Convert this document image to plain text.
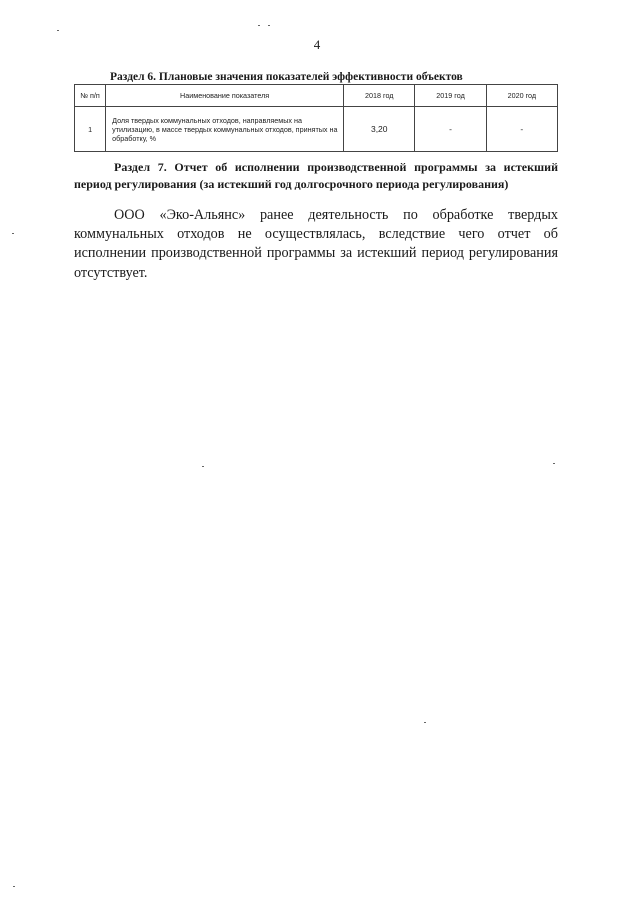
4
Раздел 6. Плановые значения показателей эффективности объектов
№ п/п	Наименование показателя	2018 год	2019 год	2020 год
1	Доля твердых коммунальных отходов, направляемых на утилизацию, в массе твердых коммунальных отходов, принятых на обработку, %	3,20	-	-
Раздел 7. Отчет об исполнении производственной программы за истекший период регулирования (за истекший год долгосрочного периода регулирования)
ООО «Эко-Альянс» ранее деятельность по обработке твердых коммунальных отходов не осуществлялась, вследствие чего отчет об исполнении производственной программы за истекший период регулирования отсутствует.
